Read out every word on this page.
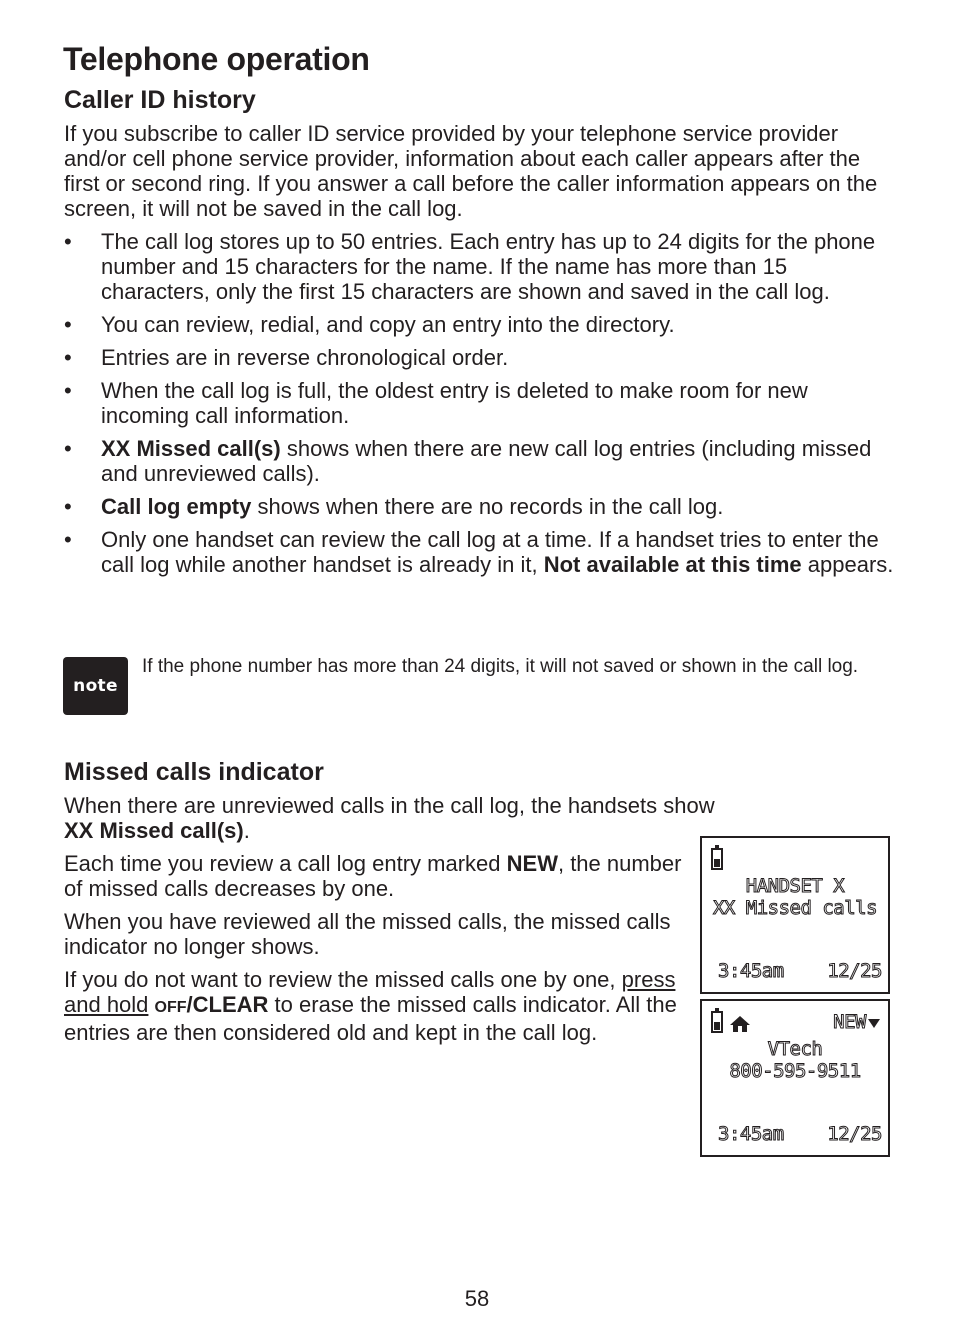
Telephone operation
Caller ID history

If you subscribe to caller ID service provided by your telephone service provider and/or cell phone service provider, information about each caller appears after the first or second ring. If you answer a call before the caller information appears on the screen, it will not be saved in the call log.

• The call log stores up to 50 entries. Each entry has up to 24 digits for the phone number and 15 characters for the name. If the name has more than 15 characters, only the first 15 characters are shown and saved in the call log.
• You can review, redial, and copy an entry into the directory.
• Entries are in reverse chronological order.
• When the call log is full, the oldest entry is deleted to make room for new incoming call information.
• XX Missed call(s) shows when there are new call log entries (including missed and unreviewed calls).
• Call log empty shows when there are no records in the call log.
• Only one handset can review the call log at a time. If a handset tries to enter the call log while another handset is already in it, Not available at this time appears.
note

If the phone number has more than 24 digits, it will not saved or shown in the call log.

Missed calls indicator

When there are unreviewed calls in the call log, the handsets show
XX Missed call(s).

Each time you review a call log entry marked NEW, the number of missed calls decreases by one.

When you have reviewed all the missed calls, the missed calls indicator no longer shows.

If you do not want to review the missed calls one by one, press and hold OFF/CLEAR to erase the missed calls indicator. All the entries are then considered old and kept in the call log.

HANDSET X
XX Missed calls
3:45am 12/25
NEW
VTech
800-595-9511
3:45am 12/25
58
